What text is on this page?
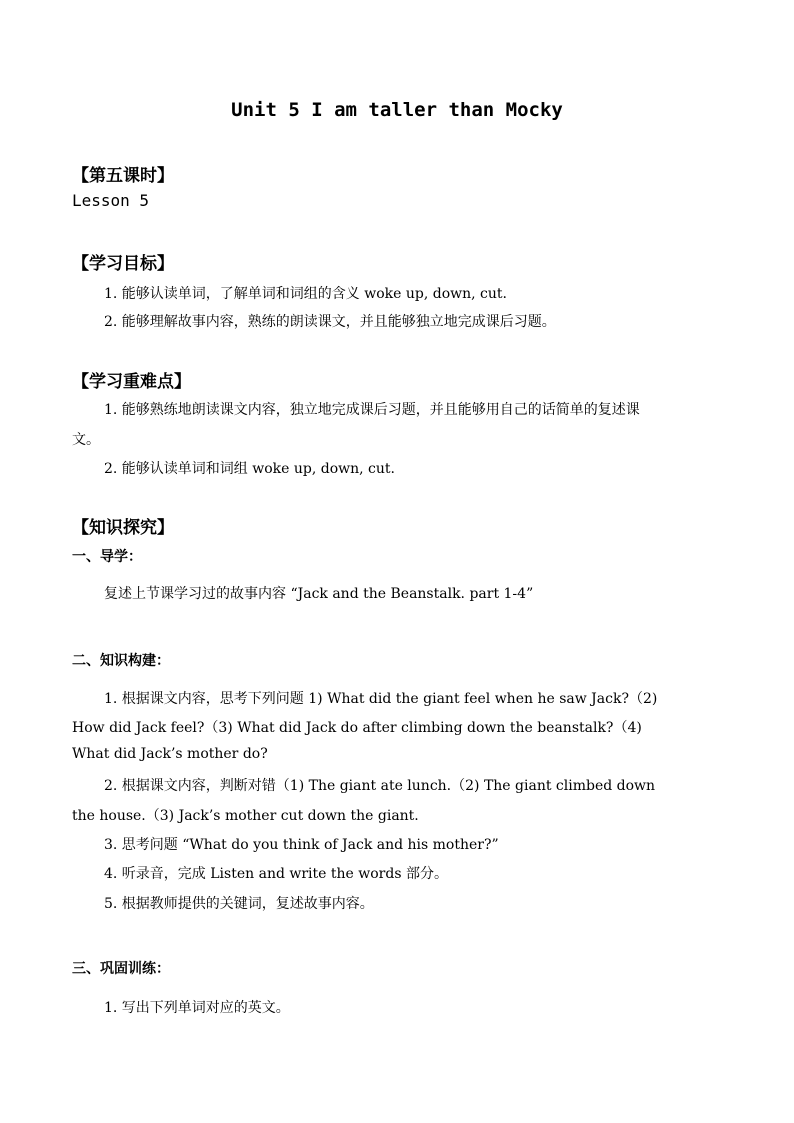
Unit 5 I am taller than Mocky
【第五课时】
Lesson 5
【学习目标】
1. 能够认读单词，了解单词和词组的含义 woke up, down, cut.
2. 能够理解故事内容，熟练的朗读课文，并且能够独立地完成课后习题。
【学习重难点】
1. 能够熟练地朗读课文内容，独立地完成课后习题，并且能够用自己的话简单的复述课
文。
2. 能够认读单词和词组 woke up, down, cut.
【知识探究】
一、导学：
复述上节课学习过的故事内容 “Jack and the Beanstalk. part 1-4”
二、知识构建：
1. 根据课文内容，思考下列问题 1) What did the giant feel when he saw Jack?（2)
How did Jack feel?（3) What did Jack do after climbing down the beanstalk?（4)
What did Jack’s mother do?
2. 根据课文内容，判断对错（1) The giant ate lunch.（2) The giant climbed down
the house.（3) Jack’s mother cut down the giant.
3. 思考问题 “What do you think of Jack and his mother?”
4. 听录音，完成 Listen and write the words 部分。
5. 根据教师提供的关键词，复述故事内容。
三、巩固训练：
1. 写出下列单词对应的英文。
